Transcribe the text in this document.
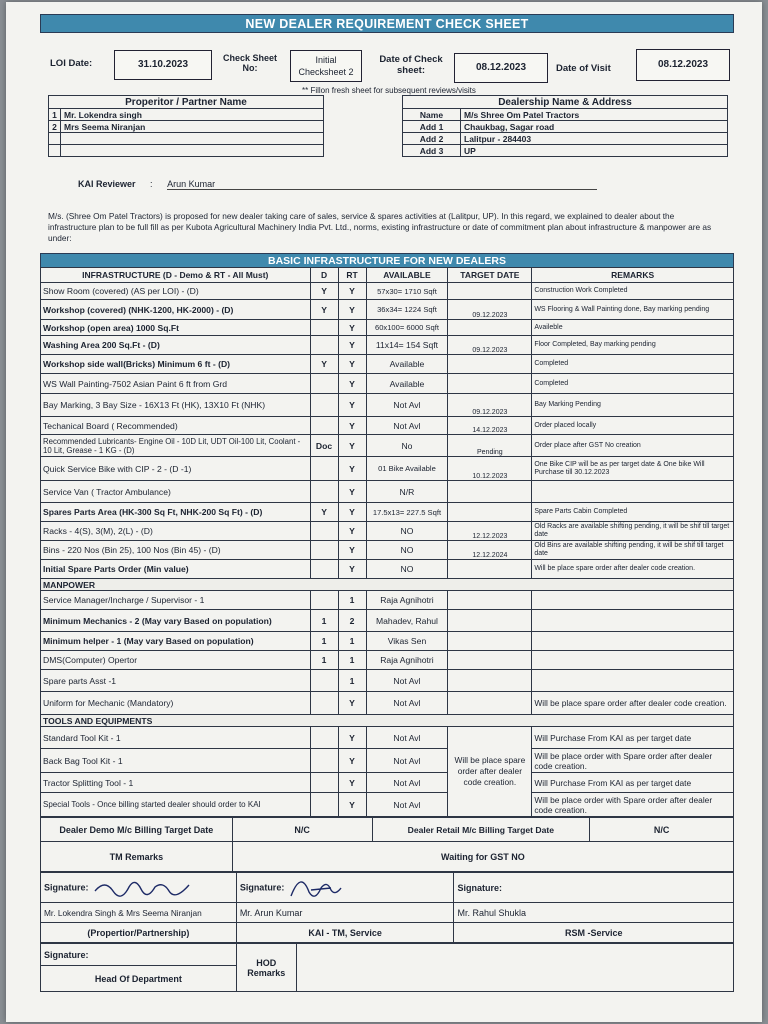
NEW DEALER REQUIREMENT CHECK SHEET
LOI Date:	31.10.2023
Check Sheet
No:
Initial
Checksheet 2
Date of Check
sheet:	08.12.2023	Date of Visit	08.12.2023
** Fillon fresh sheet for subsequent reviews/visits
Properitor / Partner Name	
1	Mr. Lokendra singh
2	Mrs Seema Niranjan

Dealership Name & Address	
Name	M/s Shree Om Patel Tractors
Add 1	Chaukbag, Sagar road
Add 2	Lalitpur - 284403
Add 3	UP
KAI Reviewer : Arun Kumar
M/s. (Shree Om Patel Tractors) is proposed for new dealer taking care of sales, service & spares activities at (Lalitpur, UP). In this regard, we explained to dealer about the infrastructure plan to be full fill as per Kubota Agricultural Machinery India Pvt. Ltd., norms, existing infrastructure or date of commitment plan about infrastructure & manpower are as under:
BASIC INFRASTRUCTURE FOR NEW DEALERS
INFRASTRUCTURE (D - Demo & RT - All Must)	D	RT	AVAILABLE	TARGET DATE	REMARKS
Show Room (covered) (AS per LOI) - (D)	Y	Y	57x30= 1710 Sqft		Construction Work Completed
Workshop (covered) (NHK-1200, HK-2000) - (D)	Y	Y	36x34= 1224 Sqft	09.12.2023	WS Flooring & Wall Painting done, Bay marking pending
Workshop (open area) 1000 Sq.Ft		Y	60x100= 6000 Sqft		Availeble
Washing Area 200 Sq.Ft - (D)		Y	11x14= 154 Sqft	09.12.2023	Floor Completed, Bay marking pending
Workshop side wall(Bricks) Minimum 6 ft - (D)	Y	Y	Available		Completed
WS Wall Painting-7502 Asian Paint 6 ft from Grd		Y	Available		Completed
Bay Marking, 3 Bay Size - 16X13 Ft (HK), 13X10 Ft (NHK)		Y	Not Avl	09.12.2023	Bay Marking Pending
Techanical Board ( Recommended)		Y	Not Avl	14.12.2023	Order placed locally
Recommended Lubricants- Engine Oil - 10D Lit, UDT Oil-100 Lit, Coolant - 10 Lit, Grease - 1 KG - (D)	Doc	Y	No	Pending	Order place after GST No creation
Quick Service Bike with CIP - 2 - (D -1)		Y	01 Bike Available	10.12.2023	One Bike CIP will be as per target date & One bike Will Purchase till 30.12.2023
Service Van ( Tractor Ambulance)		Y	N/R		
Spares Parts Area (HK-300 Sq Ft, NHK-200 Sq Ft) - (D)	Y	Y	17.5x13= 227.5 Sqft		Spare Parts Cabin Completed
Racks - 4(S), 3(M), 2(L) - (D)		Y	NO	12.12.2023	Old Racks are available shifting pending, it will be shif till target date
Bins - 220 Nos (Bin 25), 100 Nos (Bin 45) - (D)		Y	NO	12.12.2024	Old Bins are available shifting pending, it will be shif till target date
Initial Spare Parts Order (Min value)		Y	NO		Will be place spare order after dealer code creation.
MANPOWER					
Service Manager/Incharge / Supervisor - 1		1	Raja Agnihotri		
Minimum Mechanics - 2 (May vary Based on population)	1	2	Mahadev, Rahul		
Minimum helper - 1 (May vary Based on population)	1	1	Vikas Sen		
DMS(Computer) Opertor	1	1	Raja Agnihotri		
Spare parts Asst -1		1	Not Avl		
Uniform for Mechanic (Mandatory)		Y	Not Avl		Will be place spare order after dealer code creation.
TOOLS AND EQUIPMENTS					
Standard Tool Kit - 1		Y	Not Avl	Will be place spare order after dealer code creation.	Will Purchase From KAI as per target date
Back Bag Tool Kit - 1		Y	Not Avl		Will be place order with Spare order after dealer code creation.
Tractor Splitting Tool - 1		Y	Not Avl		Will Purchase From KAI as per target date
Special Tools - Once billing started dealer should order to KAI		Y	Not Avl		Will be place order with Spare order after dealer code creation.
Dealer Demo M/c Billing Target Date	N/C	Dealer Retail M/c Billing Target Date	N/C
TM Remarks	Waiting for GST NO		
Signature:	Signature:	Signature:
Mr. Lokendra Singh & Mrs Seema Niranjan	Mr. Arun Kumar	Mr. Rahul Shukla
(Propertior/Partnership)	KAI - TM, Service	RSM -Service
Signature:	HOD Remarks	
Head Of Department
